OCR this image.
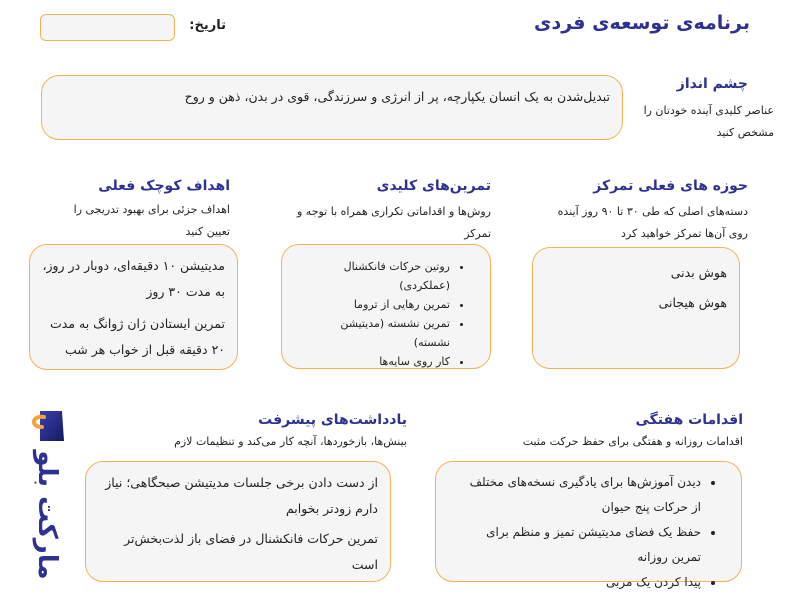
برنامه‌ی توسعه‌ی فردی
تاریخ:
چشم انداز
عناصر کلیدی آینده خودتان را مشخص کنید
تبدیل‌شدن به یک انسان یکپارچه، پر از انرژی و سرزندگی، قوی در بدن، ذهن و روح
حوزه های فعلی تمرکز
دسته‌های اصلی که طی ۳۰ تا ۹۰ روز آینده روی آن‌ها تمرکز خواهید کرد
هوش بدنی
هوش هیجانی
تمرین‌های کلیدی
روش‌ها و اقداماتی تکراری همراه با توجه و تمرکز
• روتین حرکات فانکشنال (عملکردی)
• تمرین رهایی از تروما
• تمرین نشسته (مدیتیشن نشسته)
• کار روی سایه‌ها
اهداف کوچک فعلی
اهداف جزئی برای بهبود تدریجی را تعیین کنید
مدیتیشن ۱۰ دقیقه‌ای، دوبار در روز، به مدت ۳۰ روز
تمرین ایستادن ژان ژوانگ به مدت ۲۰ دقیقه قبل از خواب هر شب
مارکت بلو
اقدامات هفتگی
اقدامات روزانه و هفتگی برای حفظ حرکت مثبت
• دیدن آموزش‌ها برای یادگیری نسخه‌های مختلف از حرکات پنج حیوان
• حفظ یک فضای مدیتیشن تمیز و منظم برای تمرین روزانه
• پیدا کردن یک مربی
یادداشت‌های پیشرفت
بینش‌ها، بازخوردها، آنچه کار می‌کند و تنظیمات لازم
از دست دادن برخی جلسات مدیتیشن صبحگاهی؛ نیاز دارم زودتر بخوابم
تمرین حرکات فانکشنال در فضای باز لذت‌بخش‌تر است
